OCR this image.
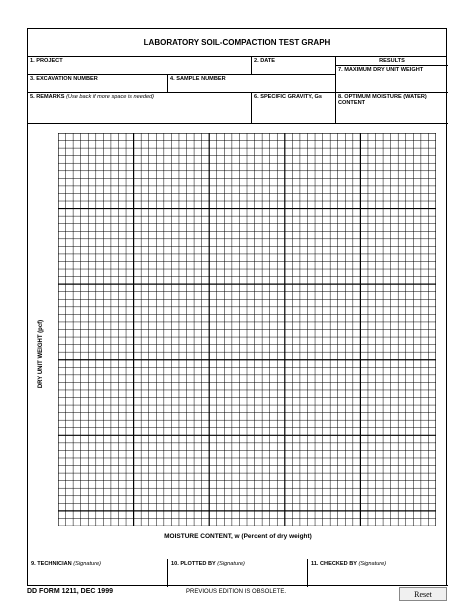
LABORATORY SOIL-COMPACTION TEST GRAPH
1. PROJECT	2. DATE	RESULTS
7. MAXIMUM DRY UNIT WEIGHT
3. EXCAVATION NUMBER	4. SAMPLE NUMBER
5. REMARKS (Use back if more space is needed)	6. SPECIFIC GRAVITY, Gs	8. OPTIMUM MOISTURE (WATER) CONTENT
DRY UNIT WEIGHT (pcf)
MOISTURE CONTENT, w (Percent of dry weight)
9. TECHNICIAN (Signature)	10. PLOTTED BY (Signature)	11. CHECKED BY (Signature)
DD FORM 1211, DEC 1999	PREVIOUS EDITION IS OBSOLETE.	Reset
